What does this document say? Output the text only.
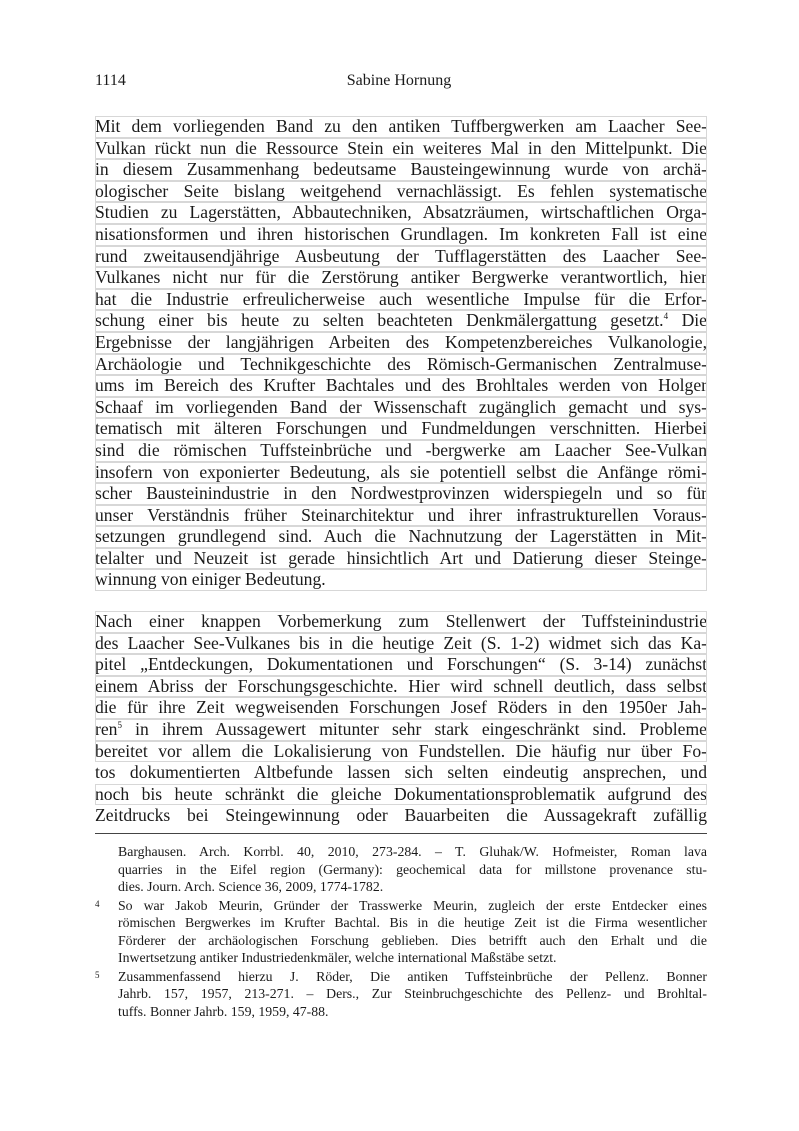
1114	Sabine Hornung
Mit dem vorliegenden Band zu den antiken Tuffbergwerken am Laacher See-
Vulkan rückt nun die Ressource Stein ein weiteres Mal in den Mittelpunkt. Die
in diesem Zusammenhang bedeutsame Bausteingewinnung wurde von archä-
ologischer Seite bislang weitgehend vernachlässigt. Es fehlen systematische
Studien zu Lagerstätten, Abbautechniken, Absatzräumen, wirtschaftlichen Orga-
nisationsformen und ihren historischen Grundlagen. Im konkreten Fall ist eine
rund zweitausendjährige Ausbeutung der Tufflagerstätten des Laacher See-
Vulkanes nicht nur für die Zerstörung antiker Bergwerke verantwortlich, hier
hat die Industrie erfreulicherweise auch wesentliche Impulse für die Erfor-
schung einer bis heute zu selten beachteten Denkmälergattung gesetzt.$^4$ Die
Ergebnisse der langjährigen Arbeiten des Kompetenzbereiches Vulkanologie,
Archäologie und Technikgeschichte des Römisch-Germanischen Zentralmuse-
ums im Bereich des Krufter Bachtales und des Brohltales werden von Holger
Schaaf im vorliegenden Band der Wissenschaft zugänglich gemacht und sys-
tematisch mit älteren Forschungen und Fundmeldungen verschnitten. Hierbei
sind die römischen Tuffsteinbrüche und -bergwerke am Laacher See-Vulkan
insofern von exponierter Bedeutung, als sie potentiell selbst die Anfänge römi-
scher Bausteinindustrie in den Nordwestprovinzen widerspiegeln und so für
unser Verständnis früher Steinarchitektur und ihrer infrastrukturellen Voraus-
setzungen grundlegend sind. Auch die Nachnutzung der Lagerstätten in Mit-
telalter und Neuzeit ist gerade hinsichtlich Art und Datierung dieser Steinge-
winnung von einiger Bedeutung.
Nach einer knappen Vorbemerkung zum Stellenwert der Tuffsteinindustrie
des Laacher See-Vulkanes bis in die heutige Zeit (S. 1-2) widmet sich das Ka-
pitel „Entdeckungen, Dokumentationen und Forschungen“ (S. 3-14) zunächst
einem Abriss der Forschungsgeschichte. Hier wird schnell deutlich, dass selbst
die für ihre Zeit wegweisenden Forschungen Josef Röders in den 1950er Jah-
ren$^5$ in ihrem Aussagewert mitunter sehr stark eingeschränkt sind. Probleme
bereitet vor allem die Lokalisierung von Fundstellen. Die häufig nur über Fo-
tos dokumentierten Altbefunde lassen sich selten eindeutig ansprechen, und
noch bis heute schränkt die gleiche Dokumentationsproblematik aufgrund des
Zeitdrucks bei Steingewinnung oder Bauarbeiten die Aussagekraft zufällig
Barghausen. Arch. Korrbl. 40, 2010, 273-284. – T. Gluhak/W. Hofmeister, Roman lava
quarries in the Eifel region (Germany): geochemical data for millstone provenance stu-
dies. Journ. Arch. Science 36, 2009, 1774-1782.
4 So war Jakob Meurin, Gründer der Trasswerke Meurin, zugleich der erste Entdecker eines
römischen Bergwerkes im Krufter Bachtal. Bis in die heutige Zeit ist die Firma wesentlicher
Förderer der archäologischen Forschung geblieben. Dies betrifft auch den Erhalt und die
Inwertsetzung antiker Industriedenkmäler, welche international Maßstäbe setzt.
5 Zusammenfassend hierzu J. Röder, Die antiken Tuffsteinbrüche der Pellenz. Bonner
Jahrb. 157, 1957, 213-271. – Ders., Zur Steinbruchgeschichte des Pellenz- und Brohltal-
tuffs. Bonner Jahrb. 159, 1959, 47-88.
